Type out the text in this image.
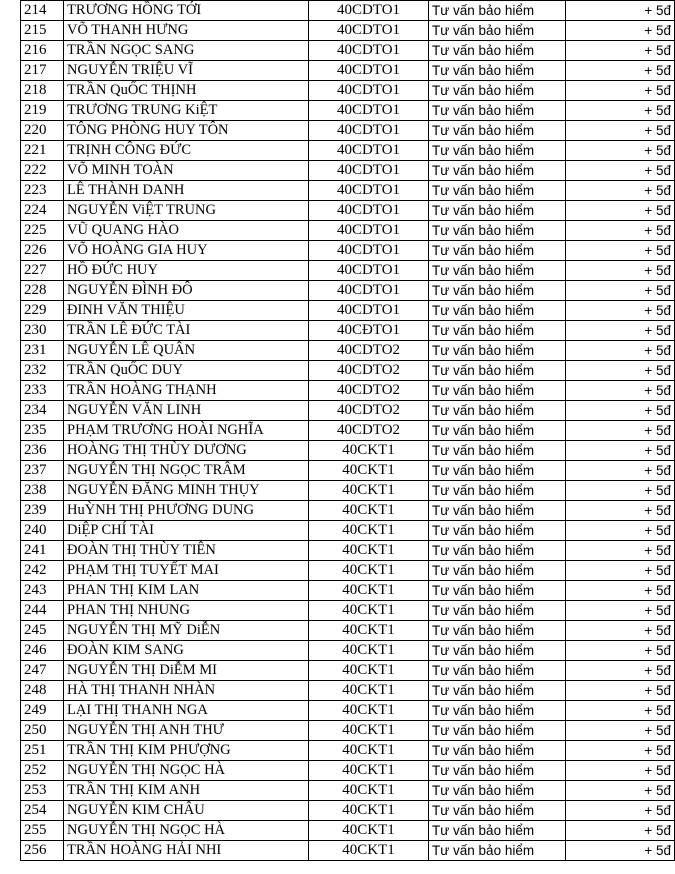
214	TRƯƠNG HỒNG TỚI	40CDTO1	Tư vấn bảo hiểm	+ 5đ
215	VÕ THANH HƯNG	40CDTO1	Tư vấn bảo hiểm	+ 5đ
216	TRẦN NGỌC SANG	40CDTO1	Tư vấn bảo hiểm	+ 5đ
217	NGUYỄN TRIỆU VĨ	40CDTO1	Tư vấn bảo hiểm	+ 5đ
218	TRẦN QuỐC THỊNH	40CDTO1	Tư vấn bảo hiểm	+ 5đ
219	TRƯƠNG TRUNG KiỆT	40CDTO1	Tư vấn bảo hiểm	+ 5đ
220	TÔNG PHÒNG HUY TÔN	40CDTO1	Tư vấn bảo hiểm	+ 5đ
221	TRỊNH CÔNG ĐỨC	40CDTO1	Tư vấn bảo hiểm	+ 5đ
222	VÕ MINH TOÀN	40CDTO1	Tư vấn bảo hiểm	+ 5đ
223	LÊ THÀNH DANH	40CDTO1	Tư vấn bảo hiểm	+ 5đ
224	NGUYỄN ViỆT TRUNG	40CDTO1	Tư vấn bảo hiểm	+ 5đ
225	VŨ QUANG HÀO	40CDTO1	Tư vấn bảo hiểm	+ 5đ
226	VÕ HOÀNG GIA HUY	40CDTO1	Tư vấn bảo hiểm	+ 5đ
227	HỒ ĐỨC HUY	40CDTO1	Tư vấn bảo hiểm	+ 5đ
228	NGUYỄN ĐÌNH ĐÔ	40CDTO1	Tư vấn bảo hiểm	+ 5đ
229	ĐINH VĂN THIỆU	40CDTO1	Tư vấn bảo hiểm	+ 5đ
230	TRẦN LÊ ĐỨC TÀI	40CĐTO1	Tư vấn bảo hiểm	+ 5đ
231	NGUYỄN LÊ QUÂN	40CDTO2	Tư vấn bảo hiểm	+ 5đ
232	TRẦN QuỐC DUY	40CDTO2	Tư vấn bảo hiểm	+ 5đ
233	TRẦN HOÀNG THẠNH	40CDTO2	Tư vấn bảo hiểm	+ 5đ
234	NGUYỄN VĂN LINH	40CDTO2	Tư vấn bảo hiểm	+ 5đ
235	PHẠM TRƯƠNG HOÀI NGHĨA	40CDTO2	Tư vấn bảo hiểm	+ 5đ
236	HOÀNG THỊ THÙY DƯƠNG	40CKT1	Tư vấn bảo hiểm	+ 5đ
237	NGUYỄN THỊ NGỌC TRÂM	40CKT1	Tư vấn bảo hiểm	+ 5đ
238	NGUYỄN ĐĂNG MINH THỤY	40CKT1	Tư vấn bảo hiểm	+ 5đ
239	HuỲNH THỊ PHƯƠNG DUNG	40CKT1	Tư vấn bảo hiểm	+ 5đ
240	DiỆP CHÍ TÀI	40CKT1	Tư vấn bảo hiểm	+ 5đ
241	ĐOÀN THỊ THÙY TIÊN	40CKT1	Tư vấn bảo hiểm	+ 5đ
242	PHẠM THỊ TUYẾT MAI	40CKT1	Tư vấn bảo hiểm	+ 5đ
243	PHAN THỊ KIM LAN	40CKT1	Tư vấn bảo hiểm	+ 5đ
244	PHAN THỊ NHUNG	40CKT1	Tư vấn bảo hiểm	+ 5đ
245	NGUYỄN THỊ MỸ DiỄN	40CKT1	Tư vấn bảo hiểm	+ 5đ
246	ĐOÀN KIM SANG	40CKT1	Tư vấn bảo hiểm	+ 5đ
247	NGUYỄN THỊ DiỄM MI	40CKT1	Tư vấn bảo hiểm	+ 5đ
248	HÀ THỊ THANH NHÀN	40CKT1	Tư vấn bảo hiểm	+ 5đ
249	LẠI THỊ THANH NGA	40CKT1	Tư vấn bảo hiểm	+ 5đ
250	NGUYỄN THỊ ANH THƯ	40CKT1	Tư vấn bảo hiểm	+ 5đ
251	TRẦN THỊ KIM PHƯỢNG	40CKT1	Tư vấn bảo hiểm	+ 5đ
252	NGUYỄN THỊ NGỌC HÀ	40CKT1	Tư vấn bảo hiểm	+ 5đ
253	TRẦN THỊ KIM ANH	40CKT1	Tư vấn bảo hiểm	+ 5đ
254	NGUYỄN KIM CHÂU	40CKT1	Tư vấn bảo hiểm	+ 5đ
255	NGUYỄN THỊ NGỌC HÀ	40CKT1	Tư vấn bảo hiểm	+ 5đ
256	TRẦN HOÀNG HẢI NHI	40CKT1	Tư vấn bảo hiểm	+ 5đ
